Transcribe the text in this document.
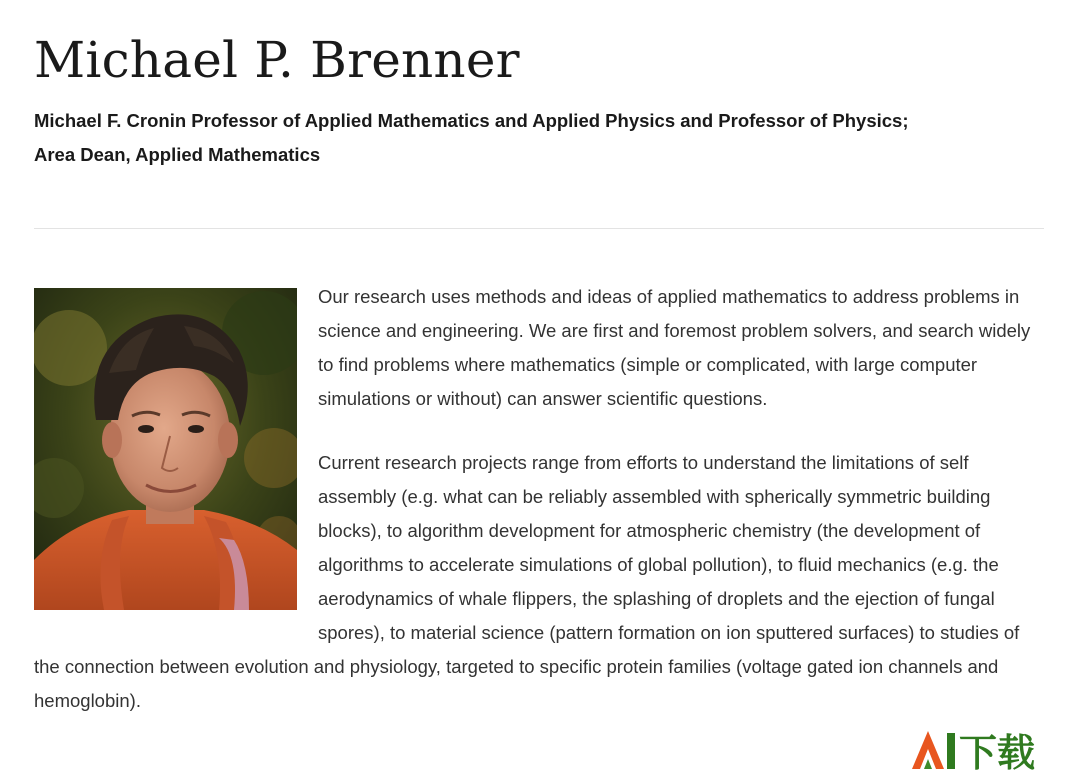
Michael P. Brenner
Michael F. Cronin Professor of Applied Mathematics and Applied Physics and Professor of Physics;
Area Dean, Applied Mathematics

Our research uses methods and ideas of applied mathematics to address problems in science and engineering. We are first and foremost problem solvers, and search widely to find problems where mathematics (simple or complicated, with large computer simulations or without) can answer scientific questions.

Current research projects range from efforts to understand the limitations of self assembly (e.g. what can be reliably assembled with spherically symmetric building blocks), to algorithm development for atmospheric chemistry (the development of algorithms to accelerate simulations of global pollution), to fluid mechanics (e.g. the aerodynamics of whale flippers, the splashing of droplets and the ejection of fungal spores), to material science (pattern formation on ion sputtered surfaces) to studies of the connection between evolution and physiology, targeted to specific protein families (voltage gated ion channels and hemoglobin).

下载
